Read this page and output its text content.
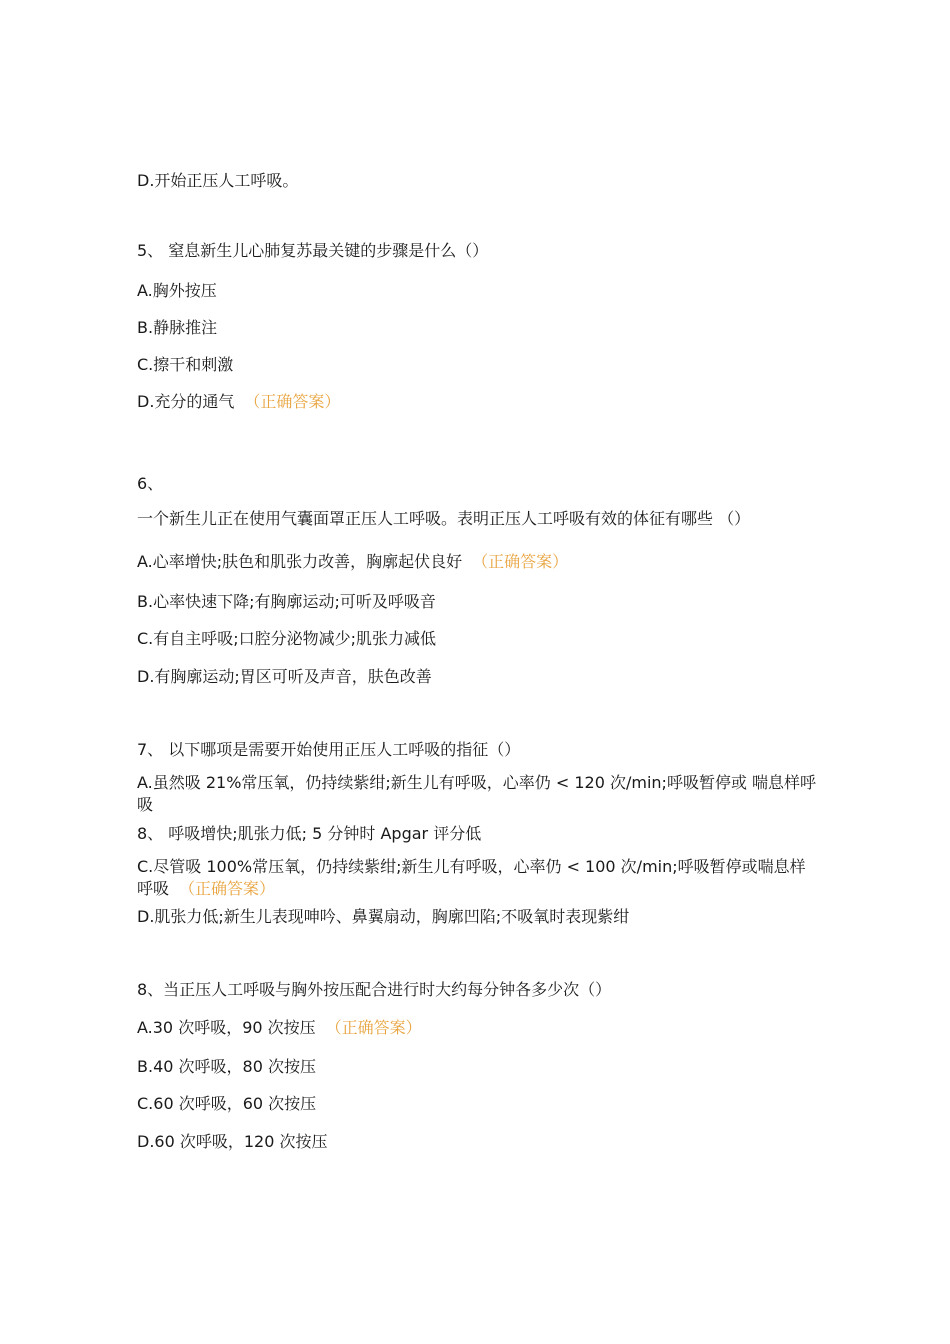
D.开始正压人工呼吸。
5、 窒息新生儿心肺复苏最关键的步骤是什么（）
A.胸外按压
B.静脉推注
C.擦干和刺激
D.充分的通气 （正确答案）
6、
一个新生儿正在使用气囊面罩正压人工呼吸。表明正压人工呼吸有效的体征有哪些 （）
A.心率增快;肤色和肌张力改善，胸廓起伏良好 （正确答案）
B.心率快速下降;有胸廓运动;可听及呼吸音
C.有自主呼吸;口腔分泌物减少;肌张力减低
D.有胸廓运动;胃区可听及声音，肤色改善
7、 以下哪项是需要开始使用正压人工呼吸的指征（）
A.虽然吸 21%常压氧，仍持续紫绀;新生儿有呼吸，心率仍 < 120 次/min;呼吸暂停或 喘息样呼吸
8、 呼吸增快;肌张力低; 5 分钟时 Apgar 评分低
C.尽管吸 100%常压氧，仍持续紫绀;新生儿有呼吸，心率仍 < 100 次/min;呼吸暂停或喘息样呼吸 （正确答案）
D.肌张力低;新生儿表现呻吟、鼻翼扇动，胸廓凹陷;不吸氧时表现紫绀
8、当正压人工呼吸与胸外按压配合进行时大约每分钟各多少次（）
A.30 次呼吸，90 次按压 （正确答案）
B.40 次呼吸，80 次按压
C.60 次呼吸，60 次按压
D.60 次呼吸，120 次按压
